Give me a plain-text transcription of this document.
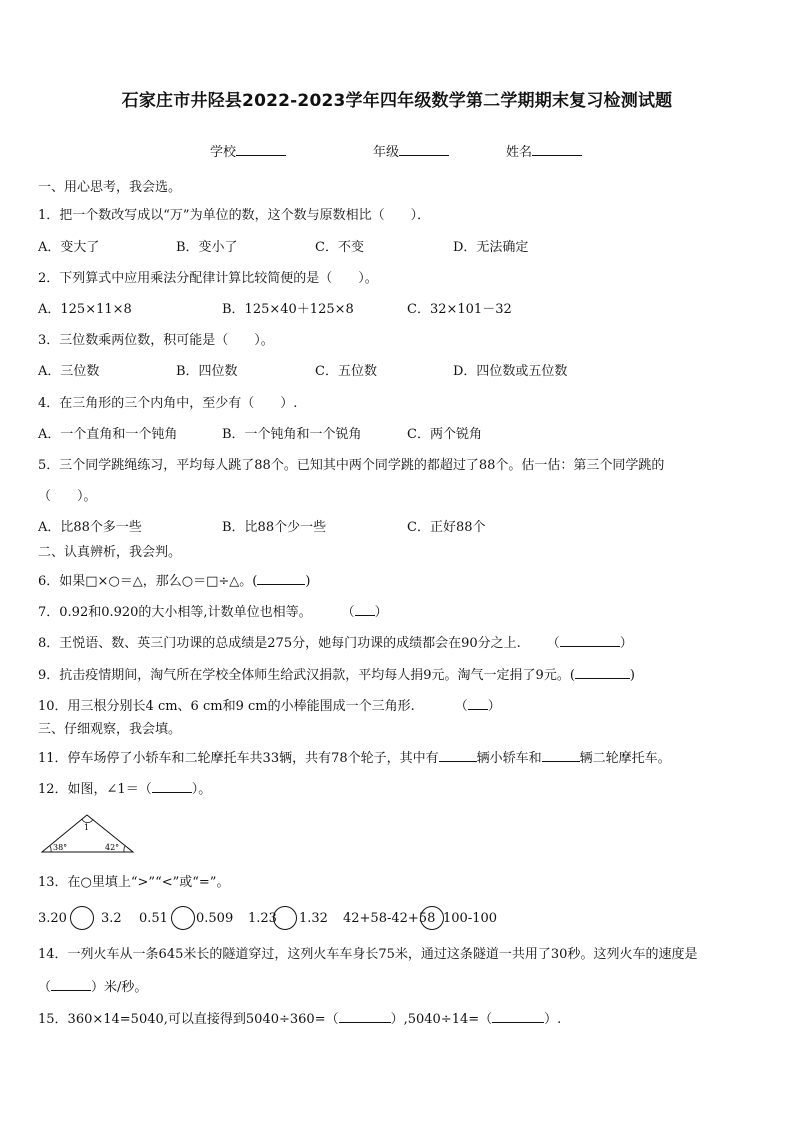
石家庄市井陉县2022-2023学年四年级数学第二学期期末复习检测试题
学校	年级	姓名
一、用心思考，我会选。
1．把一个数改写成以“万”为单位的数，这个数与原数相比（　　）．
A．变大了	B．变小了	C．不变	D．无法确定
2．下列算式中应用乘法分配律计算比较简便的是（　　）。
A．125×11×8	B．125×40＋125×8	C．32×101－32
3．三位数乘两位数，积可能是（　　）。
A．三位数	B．四位数	C．五位数	D．四位数或五位数
4．在三角形的三个内角中，至少有（　　）.
A．一个直角和一个钝角	B．一个钝角和一个锐角	C．两个锐角
5．三个同学跳绳练习，平均每人跳了88个。已知其中两个同学跳的都超过了88个。估一估：第三个同学跳的
（　　）。
A．比88个多一些	B．比88个少一些	C．正好88个
二、认真辨析，我会判。
6．如果□×○＝△，那么○＝□÷△。(	)
7．0.92和0.920的大小相等,计数单位也相等。 （ ）
8．王悦语、数、英三门功课的总成绩是275分，她每门功课的成绩都会在90分之上. （	）
9．抗击疫情期间，淘气所在学校全体师生给武汉捐款，平均每人捐9元。淘气一定捐了9元。(	)
10．用三根分别长4 cm、6 cm和9 cm的小棒能围成一个三角形.	（ ）
三、仔细观察，我会填。
11．停车场停了小轿车和二轮摩托车共33辆，共有78个轮子，其中有	辆小轿车和	辆二轮摩托车。
12．如图，∠1＝（	）。
1
38°	42°
13．在○里填上“>”“<”或“=”。
3.20	3.2 0.51 0.509 1.23 1.32 42+58-42+58 100-100
14．一列火车从一条645米长的隧道穿过，这列火车车身长75米，通过这条隧道一共用了30秒。这列火车的速度是
（	）米/秒。
15．360×14=5040,可以直接得到5040÷360=（	）,5040÷14=（	）.
